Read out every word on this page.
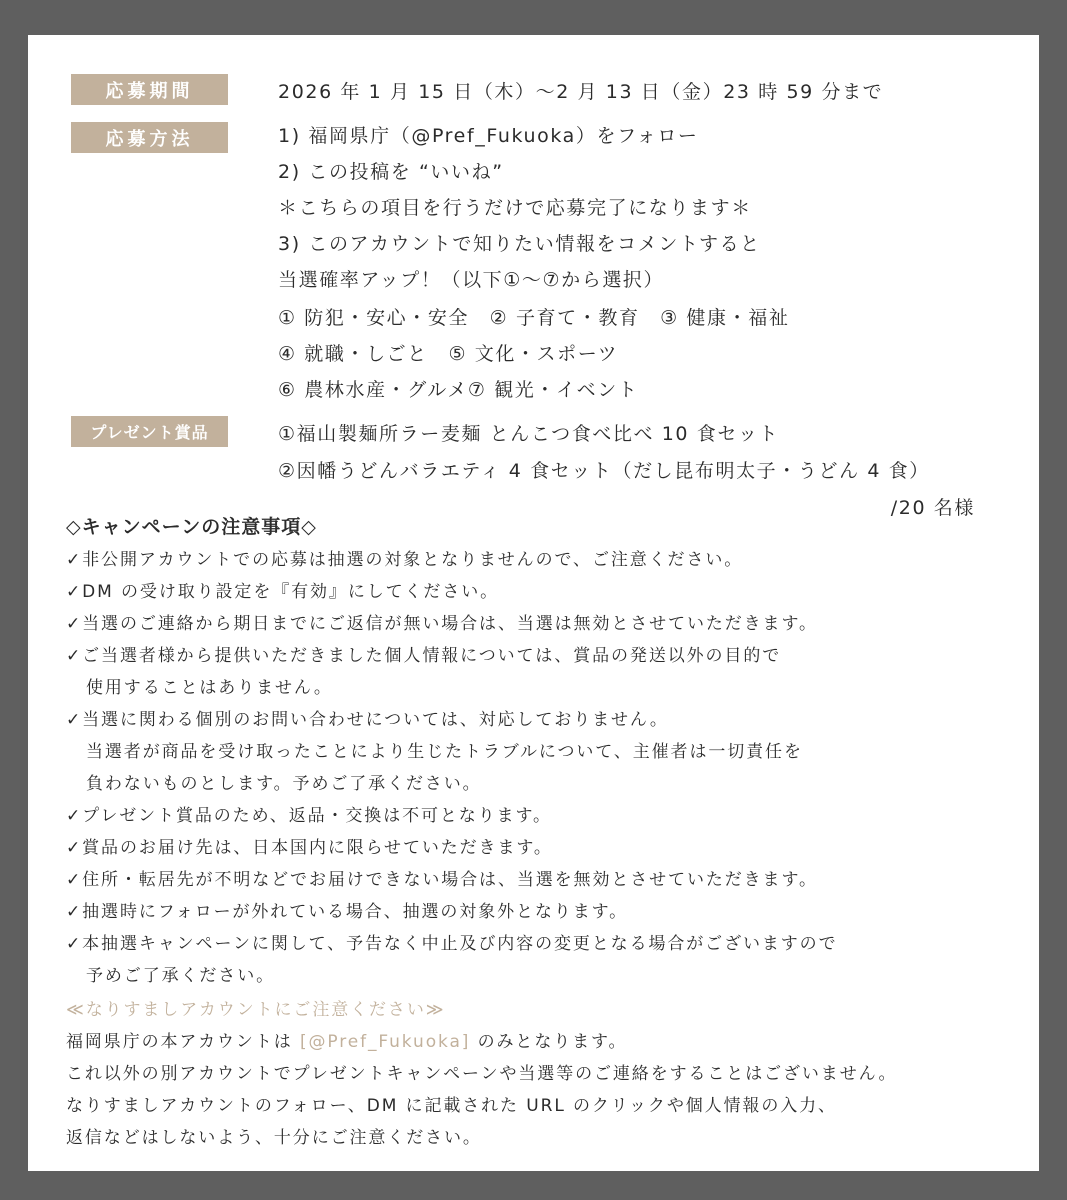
応募期間	2026 年 1 月 15 日（木）〜2 月 13 日（金）23 時 59 分まで
応募方法	1) 福岡県庁（@Pref_Fukuoka）をフォロー
2) この投稿を “いいね”
＊こちらの項目を行うだけで応募完了になります＊
3) このアカウントで知りたい情報をコメントすると
当選確率アップ！（以下①〜⑦から選択）
① 防犯・安心・安全　② 子育て・教育　③ 健康・福祉
④ 就職・しごと　⑤ 文化・スポーツ
⑥ 農林水産・グルメ⑦ 観光・イベント
プレゼント賞品	①福山製麺所ラー麦麺 とんこつ食べ比べ 10 食セット
②因幡うどんバラエティ 4 食セット（だし昆布明太子・うどん 4 食）
/20 名様
◇キャンペーンの注意事項◇
✓非公開アカウントでの応募は抽選の対象となりませんので、ご注意ください。
✓DM の受け取り設定を『有効』にしてください。
✓当選のご連絡から期日までにご返信が無い場合は、当選は無効とさせていただきます。
✓ご当選者様から提供いただきました個人情報については、賞品の発送以外の目的で
使用することはありません。
✓当選に関わる個別のお問い合わせについては、対応しておりません。
当選者が商品を受け取ったことにより生じたトラブルについて、主催者は一切責任を
負わないものとします。予めご了承ください。
✓プレゼント賞品のため、返品・交換は不可となります。
✓賞品のお届け先は、日本国内に限らせていただきます。
✓住所・転居先が不明などでお届けできない場合は、当選を無効とさせていただきます。
✓抽選時にフォローが外れている場合、抽選の対象外となります。
✓本抽選キャンペーンに関して、予告なく中止及び内容の変更となる場合がございますので
予めご了承ください。
≪なりすましアカウントにご注意ください≫
福岡県庁の本アカウントは [@Pref_Fukuoka] のみとなります。
これ以外の別アカウントでプレゼントキャンペーンや当選等のご連絡をすることはございません。
なりすましアカウントのフォロー、DM に記載された URL のクリックや個人情報の入力、
返信などはしないよう、十分にご注意ください。
